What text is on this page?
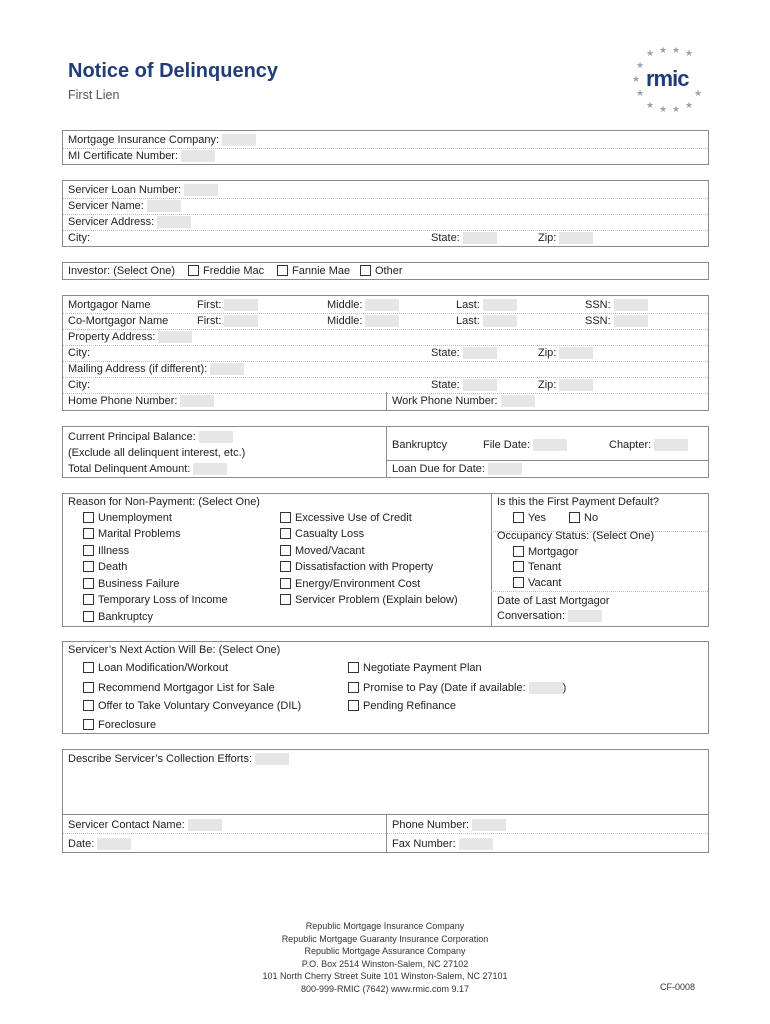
Notice of Delinquency
First Lien
★ ★ ★ ★
★
★
★
★ ★ ★ ★
★
rmic
Mortgage Insurance Company:
MI Certificate Number:
Servicer Loan Number:
Servicer Name:
Servicer Address:
City:	State:	Zip:
Investor: (Select One)	Freddie Mac	Fannie Mae	Other
Mortgagor Name	First:	Middle:	Last:	SSN:
Co-Mortgagor Name	First:	Middle:	Last:	SSN:
Property Address:
City:	State:	Zip:
Mailing Address (if different):
City:	State:	Zip:
Home Phone Number:	Work Phone Number:
Current Principal Balance:
(Exclude all delinquent interest, etc.)
Total Delinquent Amount:
Bankruptcy	File Date:	Chapter:
Loan Due for Date:
Reason for Non-Payment: (Select One)
Unemployment
Marital Problems
Illness
Death
Business Failure
Temporary Loss of Income
Bankruptcy
Excessive Use of Credit
Casualty Loss
Moved/Vacant
Dissatisfaction with Property
Energy/Environment Cost
Servicer Problem (Explain below)
Is this the First Payment Default?
Yes	No
Occupancy Status: (Select One)
Mortgagor
Tenant
Vacant
Date of Last Mortgagor
Conversation:
Servicer’s Next Action Will Be: (Select One)
Loan Modification/Workout
Recommend Mortgagor List for Sale
Offer to Take Voluntary Conveyance (DIL)
Foreclosure
Negotiate Payment Plan
Promise to Pay (Date if available:	)
Pending Refinance
Describe Servicer’s Collection Efforts:
Servicer Contact Name:	Phone Number:
Date:	Fax Number:
Republic Mortgage Insurance Company
Republic Mortgage Guaranty Insurance Corporation
Republic Mortgage Assurance Company
P.O. Box 2514 Winston-Salem, NC 27102
101 North Cherry Street Suite 101 Winston-Salem, NC 27101
800-999-RMIC (7642) www.rmic.com 9.17	CF-0008
